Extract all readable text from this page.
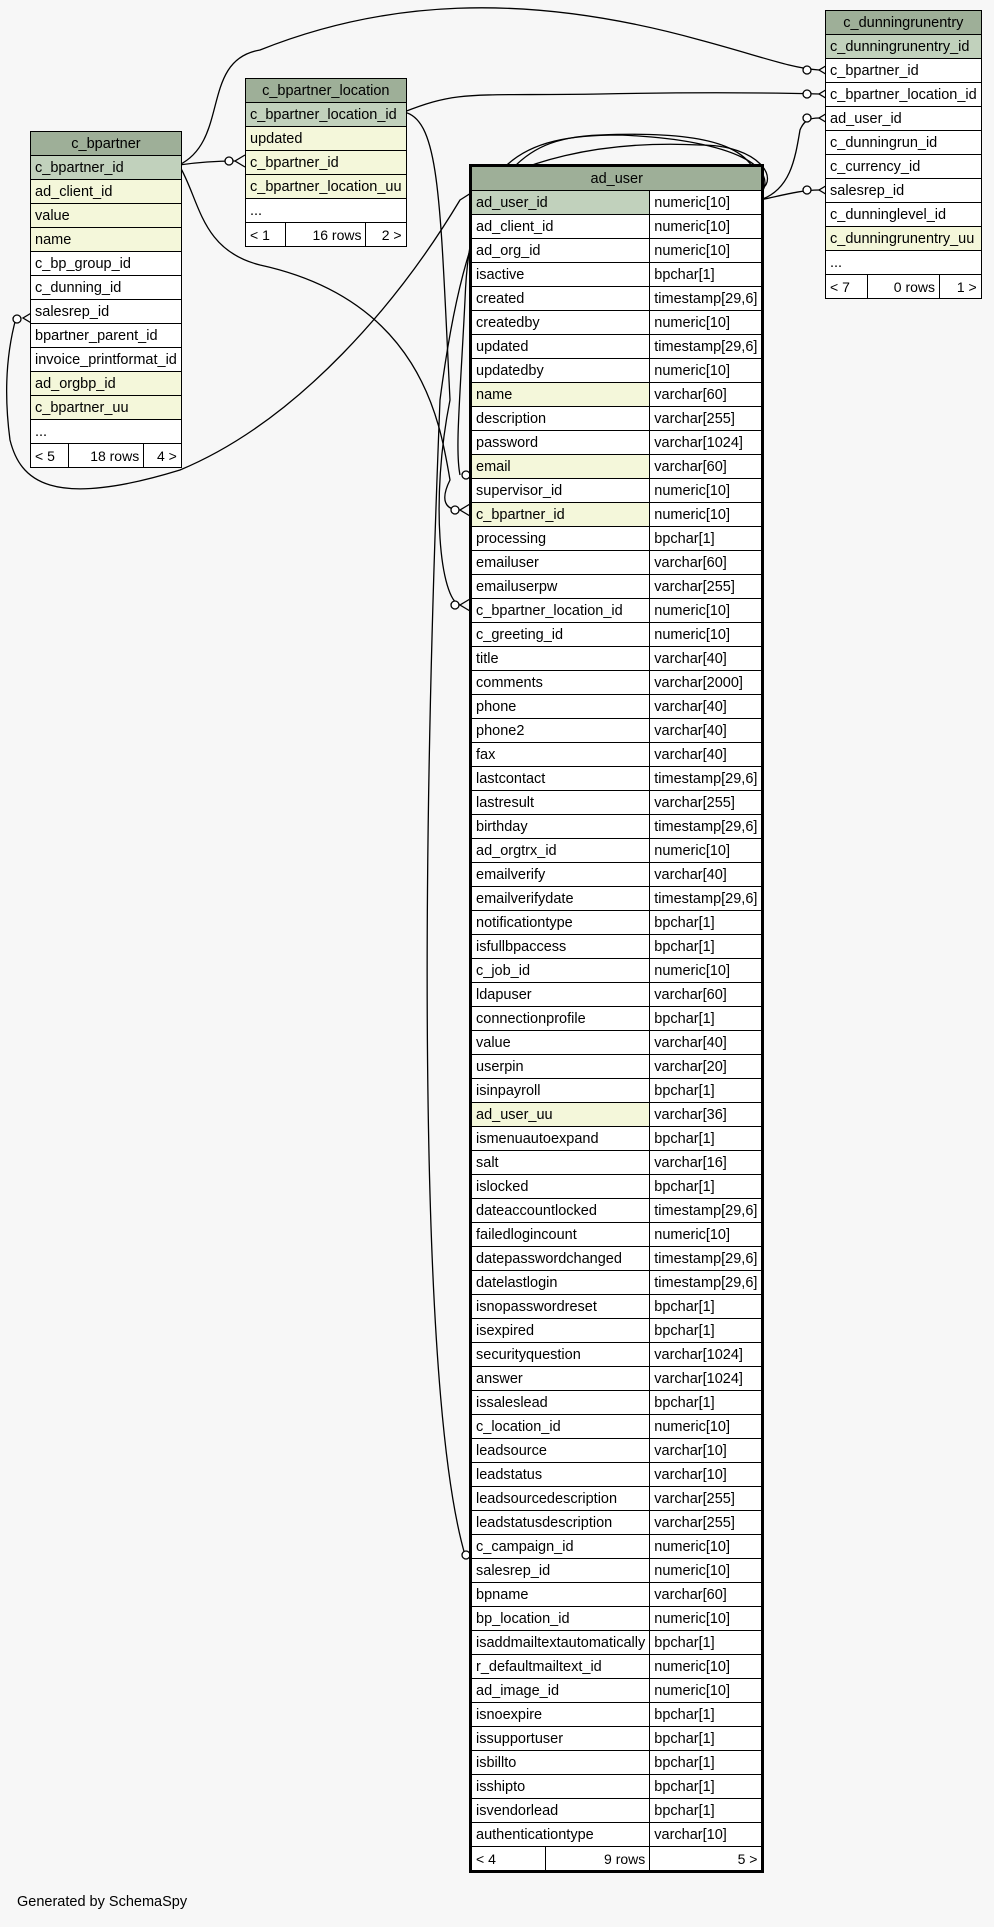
c_bpartner
c_bpartner_id
ad_client_id
value
name
c_bp_group_id
c_dunning_id
salesrep_id
bpartner_parent_id
invoice_printformat_id
ad_orgbp_id
c_bpartner_uu
...
< 5	18 rows	4 >
c_bpartner_location
c_bpartner_location_id
updated
c_bpartner_id
c_bpartner_location_uu
...
< 1	16 rows	2 >
c_dunningrunentry
c_dunningrunentry_id
c_bpartner_id
c_bpartner_location_id
ad_user_id
c_dunningrun_id
c_currency_id
salesrep_id
c_dunninglevel_id
c_dunningrunentry_uu
...
< 7	0 rows	1 >
ad_user		
ad_user_id		numeric[10]
ad_client_id		numeric[10]
ad_org_id		numeric[10]
isactive		bpchar[1]
created		timestamp[29,6]
createdby		numeric[10]
updated		timestamp[29,6]
updatedby		numeric[10]
name		varchar[60]
description		varchar[255]
password		varchar[1024]
email		varchar[60]
supervisor_id		numeric[10]
c_bpartner_id		numeric[10]
processing		bpchar[1]
emailuser		varchar[60]
emailuserpw		varchar[255]
c_bpartner_location_id		numeric[10]
c_greeting_id		numeric[10]
title		varchar[40]
comments		varchar[2000]
phone		varchar[40]
phone2		varchar[40]
fax		varchar[40]
lastcontact		timestamp[29,6]
lastresult		varchar[255]
birthday		timestamp[29,6]
ad_orgtrx_id		numeric[10]
emailverify		varchar[40]
emailverifydate		timestamp[29,6]
notificationtype		bpchar[1]
isfullbpaccess		bpchar[1]
c_job_id		numeric[10]
ldapuser		varchar[60]
connectionprofile		bpchar[1]
value		varchar[40]
userpin		varchar[20]
isinpayroll		bpchar[1]
ad_user_uu		varchar[36]
ismenuautoexpand		bpchar[1]
salt		varchar[16]
islocked		bpchar[1]
dateaccountlocked		timestamp[29,6]
failedlogincount		numeric[10]
datepasswordchanged		timestamp[29,6]
datelastlogin		timestamp[29,6]
isnopasswordreset		bpchar[1]
isexpired		bpchar[1]
securityquestion		varchar[1024]
answer		varchar[1024]
issaleslead		bpchar[1]
c_location_id		numeric[10]
leadsource		varchar[10]
leadstatus		varchar[10]
leadsourcedescription		varchar[255]
leadstatusdescription		varchar[255]
c_campaign_id		numeric[10]
salesrep_id		numeric[10]
bpname		varchar[60]
bp_location_id		numeric[10]
isaddmailtextautomatically		bpchar[1]
r_defaultmailtext_id		numeric[10]
ad_image_id		numeric[10]
isnoexpire		bpchar[1]
issupportuser		bpchar[1]
isbillto		bpchar[1]
isshipto		bpchar[1]
isvendorlead		bpchar[1]
authenticationtype		varchar[10]
< 4	9 rows	5 >
Generated by SchemaSpy
